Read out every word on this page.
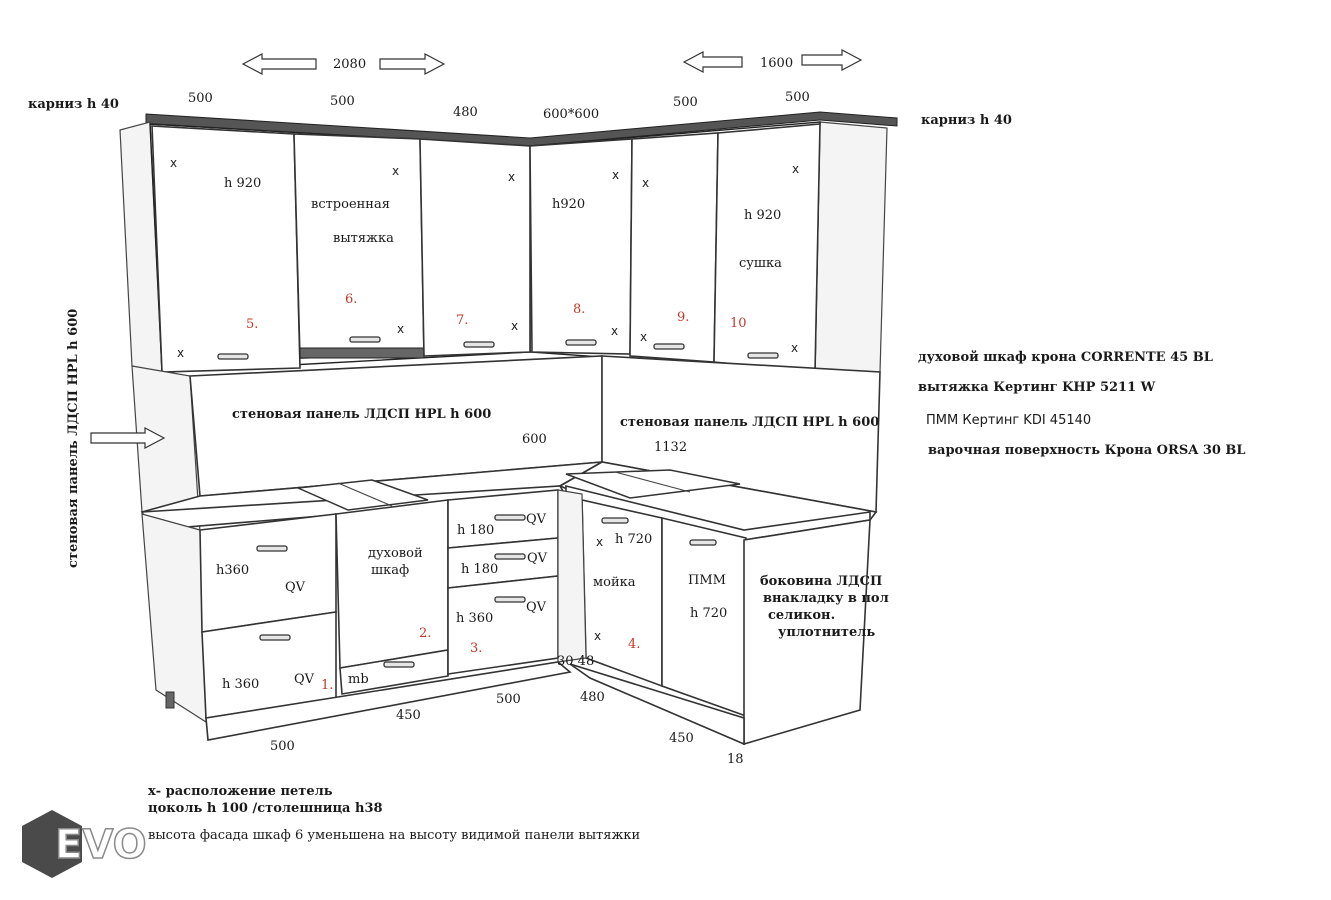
2080	1600
500	500
480	600*600
500	500
карниз h 40
карниз h 40
h 920
5.
встроенная
вытяжка
6.
7.
h920
8.
9.
h 920
сушка
10
x
x
x
x
x
x
x
x
x
x
x
x
стеновая панель ЛДСП HPL h 600
600
стеновая панель ЛДСП HPL h 600
1132
стеновая панель ЛДСП HPL h 600	духовой шкаф крона CORRENTE 45 BL
вытяжка Кертинг KHP 5211 W
ПММ Кертинг KDI 45140
варочная поверхность Крона ORSA 30 BL
h360
QV
h 360	QV 1.
духовой
шкаф
2.
mb
h 180
QV
h 180
QV
h 360
QV
3.
x h 720
мойка
x
4.
ПММ
h 720
боковина ЛДСП
внакладку в пол
селикон.
уплотнитель
30 48
500
450
500	480
450
18
х- расположение петель
цоколь h 100 /столешница h38
высота фасада шкаф 6 уменьшена на высоту видимой панели вытяжки
EVO
